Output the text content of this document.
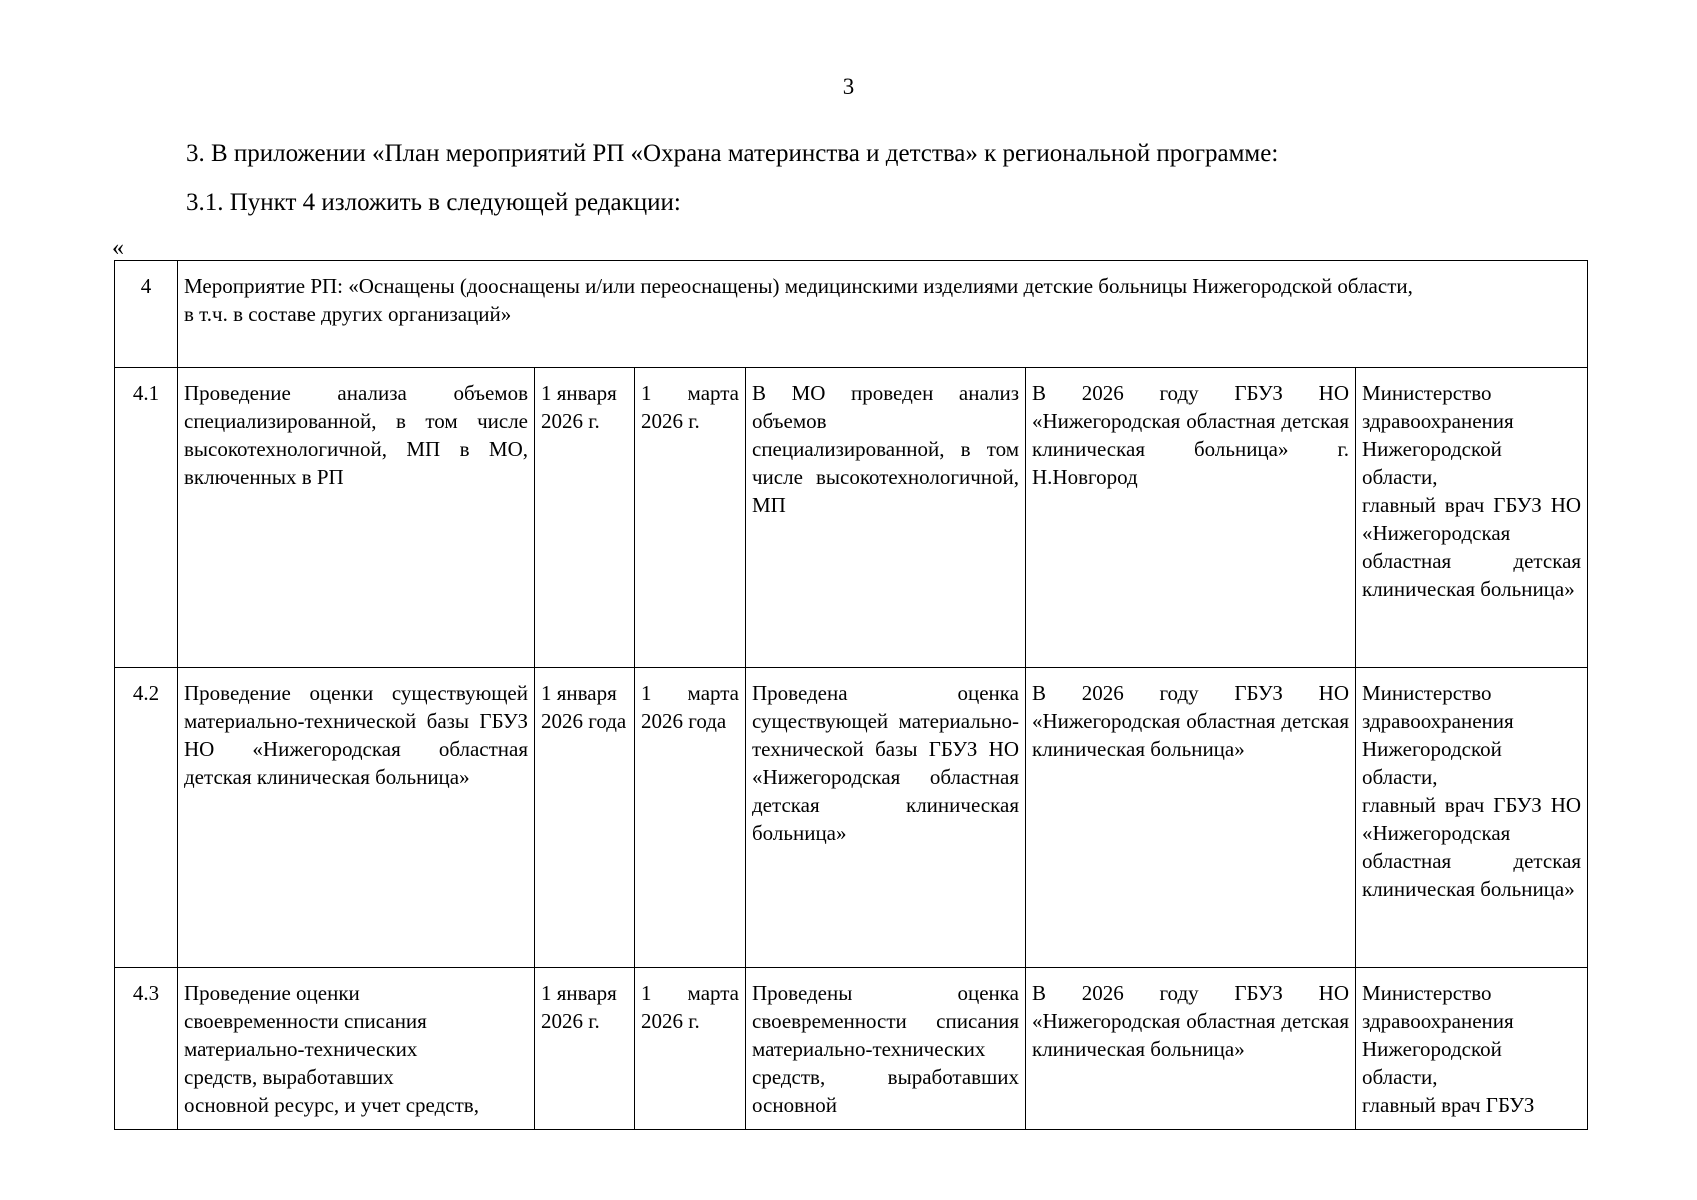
3
3. В приложении «План мероприятий РП «Охрана материнства и детства» к региональной программе:
3.1. Пункт 4 изложить в следующей редакции:
«
4	Мероприятие РП: «Оснащены (дооснащены и/или переоснащены) медицинскими изделиями детские больницы Нижегородской области,
в т.ч. в составе других организаций»					

4.1	Проведение анализа объемов специализированной, в том числе высокотехнологичной, МП в МО, включенных в РП	1 января 2026 г.	1 марта 2026 г.	В МО проведен анализ объемов специализированной, в том числе высокотехнологичной, МП	В 2026 году ГБУЗ НО «Нижегородская областная детская клиническая больница» г. Н.Новгород	Министерство здравоохранения Нижегородской области,
главный врач ГБУЗ НО «Нижегородская областная детская клиническая больница»

4.2	Проведение оценки существующей материально-технической базы ГБУЗ НО «Нижегородская областная детская клиническая больница»	1 января 2026 года	1 марта 2026 года	Проведена оценка существующей материально-технической базы ГБУЗ НО «Нижегородская областная детская клиническая больница»	В 2026 году ГБУЗ НО «Нижегородская областная детская клиническая больница»	Министерство здравоохранения Нижегородской области,
главный врач ГБУЗ НО «Нижегородская областная детская клиническая больница»

4.3	Проведение оценки
своевременности списания
материально-технических
средств, выработавших
основной ресурс, и учет средств,	1 января 2026 г.	1 марта 2026 г.	Проведены оценка своевременности списания материально-технических средств, выработавших основной	В 2026 году ГБУЗ НО «Нижегородская областная детская клиническая больница»	Министерство здравоохранения Нижегородской области,
главный врач ГБУЗ
